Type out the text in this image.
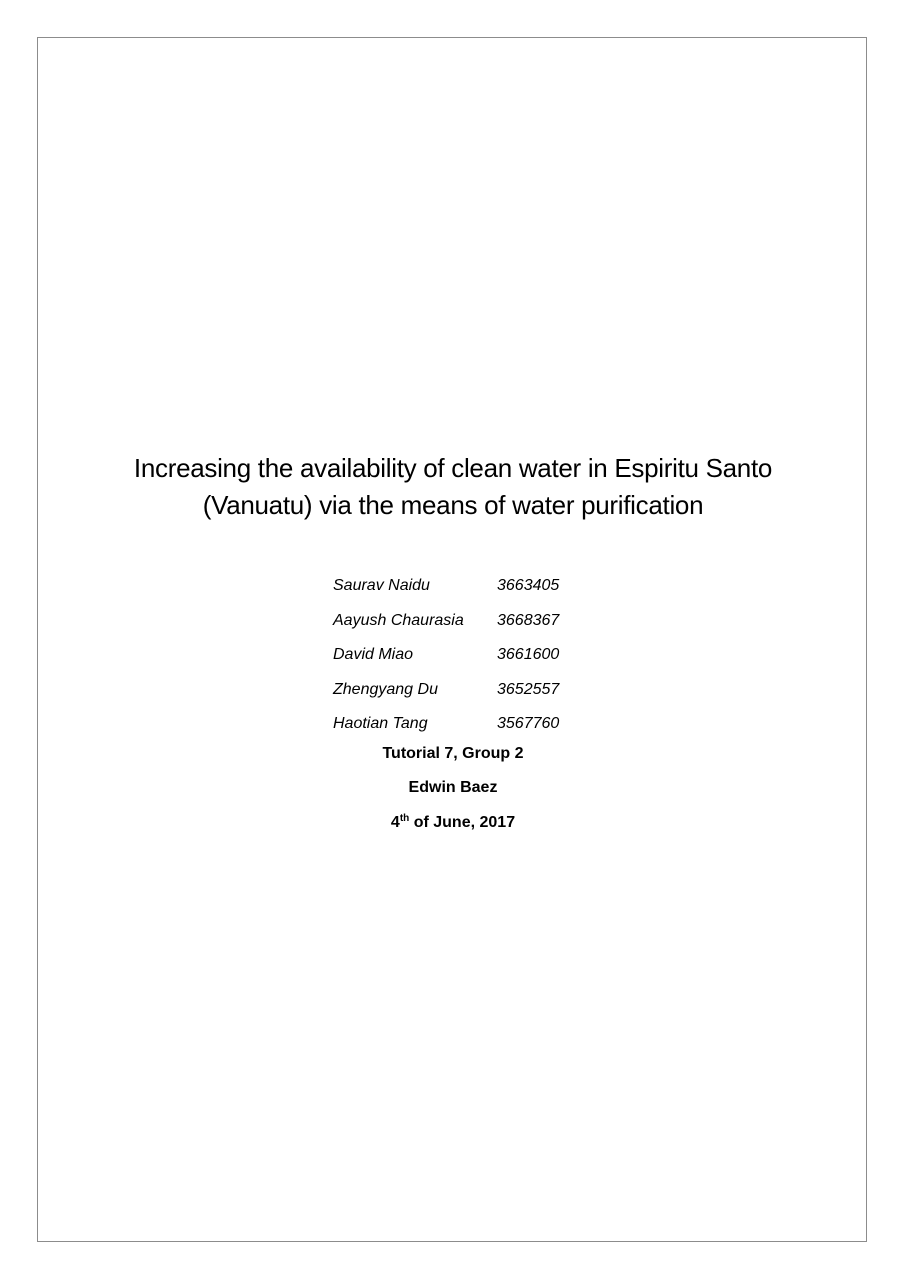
Increasing the availability of clean water in Espiritu Santo
(Vanuatu) via the means of water purification
Saurav Naidu	3663405
Aayush Chaurasia	3668367
David Miao	3661600
Zhengyang Du	3652557
Haotian Tang	3567760
Tutorial 7, Group 2
Edwin Baez
4th of June, 2017
